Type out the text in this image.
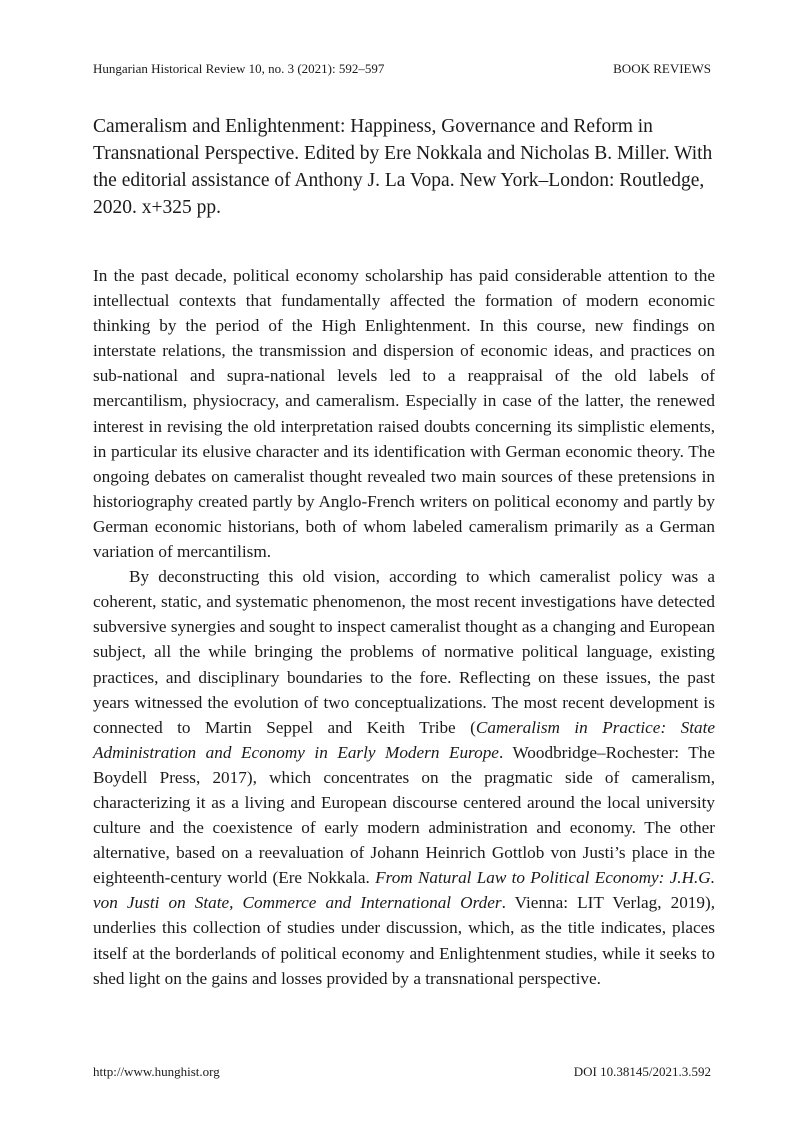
Hungarian Historical Review 10, no. 3 (2021): 592–597	BOOK REVIEWS
Cameralism and Enlightenment: Happiness, Governance and Reform in Transnational Perspective. Edited by Ere Nokkala and Nicholas B. Miller. With the editorial assistance of Anthony J. La Vopa. New York–London: Routledge, 2020. x+325 pp.

In the past decade, political economy scholarship has paid considerable attention to the intellectual contexts that fundamentally affected the formation of modern economic thinking by the period of the High Enlightenment. In this course, new findings on interstate relations, the transmission and dispersion of economic ideas, and practices on sub-national and supra-national levels led to a reappraisal of the old labels of mercantilism, physiocracy, and cameralism. Especially in case of the latter, the renewed interest in revising the old interpretation raised doubts concerning its simplistic elements, in particular its elusive character and its identification with German economic theory. The ongoing debates on cameralist thought revealed two main sources of these pretensions in historiography created partly by Anglo-French writers on political economy and partly by German economic historians, both of whom labeled cameralism primarily as a German variation of mercantilism.

By deconstructing this old vision, according to which cameralist policy was a coherent, static, and systematic phenomenon, the most recent investigations have detected subversive synergies and sought to inspect cameralist thought as a changing and European subject, all the while bringing the problems of normative political language, existing practices, and disciplinary boundaries to the fore. Reflecting on these issues, the past years witnessed the evolution of two conceptualizations. The most recent development is connected to Martin Seppel and Keith Tribe (Cameralism in Practice: State Administration and Economy in Early Modern Europe. Woodbridge–Rochester: The Boydell Press, 2017), which concentrates on the pragmatic side of cameralism, characterizing it as a living and European discourse centered around the local university culture and the coexistence of early modern administration and economy. The other alternative, based on a reevaluation of Johann Heinrich Gottlob von Justi’s place in the eighteenth-century world (Ere Nokkala. From Natural Law to Political Economy: J.H.G. von Justi on State, Commerce and International Order. Vienna: LIT Verlag, 2019), underlies this collection of studies under discussion, which, as the title indicates, places itself at the borderlands of political economy and Enlightenment studies, while it seeks to shed light on the gains and losses provided by a transnational perspective.

http://www.hunghist.org	DOI 10.38145/2021.3.592
